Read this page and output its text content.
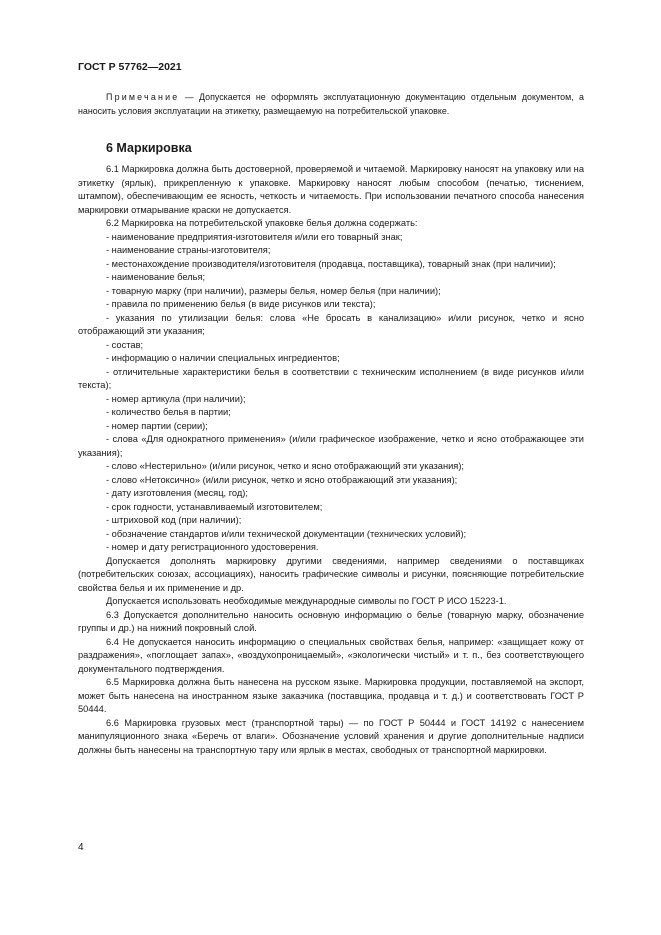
ГОСТ Р 57762—2021
Примечание — Допускается не оформлять эксплуатационную документацию отдельным документом, а наносить условия эксплуатации на этикетку, размещаемую на потребительской упаковке.
6 Маркировка

6.1 Маркировка должна быть достоверной, проверяемой и читаемой. Маркировку наносят на упаковку или на этикетку (ярлык), прикрепленную к упаковке. Маркировку наносят любым способом (печатью, тиснением, штампом), обеспечивающим ее ясность, четкость и читаемость. При использовании печатного способа нанесения маркировки отмарывание краски не допускается.

6.2 Маркировка на потребительской упаковке белья должна содержать:

- наименование предприятия-изготовителя и/или его товарный знак;

- наименование страны-изготовителя;

- местонахождение производителя/изготовителя (продавца, поставщика), товарный знак (при наличии);

- наименование белья;

- товарную марку (при наличии), размеры белья, номер белья (при наличии);

- правила по применению белья (в виде рисунков или текста);

- указания по утилизации белья: слова «Не бросать в канализацию» и/или рисунок, четко и ясно отображающий эти указания;

- состав;

- информацию о наличии специальных ингредиентов;

- отличительные характеристики белья в соответствии с техническим исполнением (в виде рисунков и/или текста);

- номер артикула (при наличии);

- количество белья в партии;

- номер партии (серии);

- слова «Для однократного применения» (и/или графическое изображение, четко и ясно отображающее эти указания);

- слово «Нестерильно» (и/или рисунок, четко и ясно отображающий эти указания);

- слово «Нетоксично» (и/или рисунок, четко и ясно отображающий эти указания);

- дату изготовления (месяц, год);

- срок годности, устанавливаемый изготовителем;

- штриховой код (при наличии);

- обозначение стандартов и/или технической документации (технических условий);

- номер и дату регистрационного удостоверения.

Допускается дополнять маркировку другими сведениями, например сведениями о поставщиках (потребительских союзах, ассоциациях), наносить графические символы и рисунки, поясняющие потребительские свойства белья и их применение и др.

Допускается использовать необходимые международные символы по ГОСТ Р ИСО 15223-1.

6.3 Допускается дополнительно наносить основную информацию о белье (товарную марку, обозначение группы и др.) на нижний покровный слой.

6.4 Не допускается наносить информацию о специальных свойствах белья, например: «защищает кожу от раздражения», «поглощает запах», «воздухопроницаемый», «экологически чистый» и т. п., без соответствующего документального подтверждения.

6.5 Маркировка должна быть нанесена на русском языке. Маркировка продукции, поставляемой на экспорт, может быть нанесена на иностранном языке заказчика (поставщика, продавца и т. д.) и соответствовать ГОСТ Р 50444.

6.6 Маркировка грузовых мест (транспортной тары) — по ГОСТ Р 50444 и ГОСТ 14192 с нанесением манипуляционного знака «Беречь от влаги». Обозначение условий хранения и другие дополнительные надписи должны быть нанесены на транспортную тару или ярлык в местах, свободных от транспортной маркировки.

4
